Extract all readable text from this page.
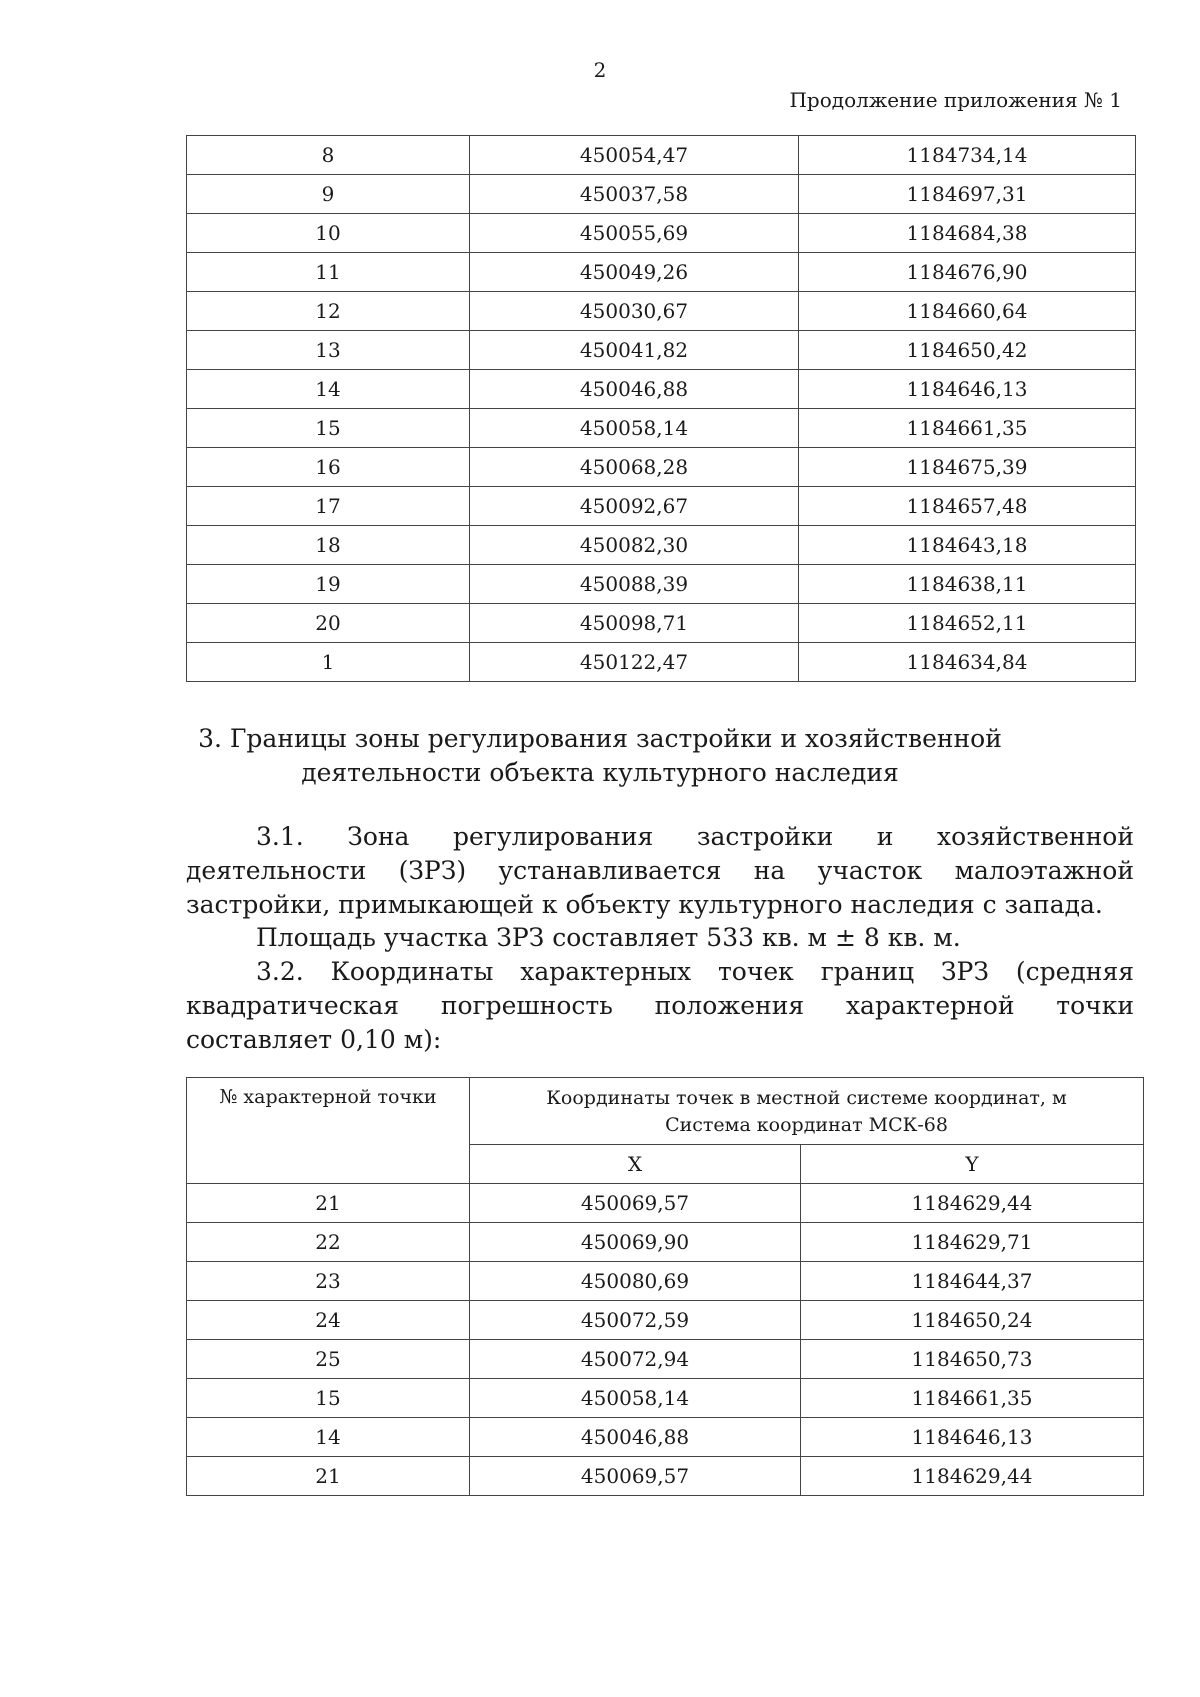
2
Продолжение приложения № 1
8	450054,47	1184734,14
9	450037,58	1184697,31
10	450055,69	1184684,38
11	450049,26	1184676,90
12	450030,67	1184660,64
13	450041,82	1184650,42
14	450046,88	1184646,13
15	450058,14	1184661,35
16	450068,28	1184675,39
17	450092,67	1184657,48
18	450082,30	1184643,18
19	450088,39	1184638,11
20	450098,71	1184652,11
1	450122,47	1184634,84
3. Границы зоны регулирования застройки и хозяйственной
деятельности объекта культурного наследия

3.1. Зона регулирования застройки и хозяйственной деятельности (ЗРЗ) устанавливается на участок малоэтажной застройки, примыкающей к объекту культурного наследия с запада.

Площадь участка ЗРЗ составляет 533 кв. м ± 8 кв. м.

3.2. Координаты характерных точек границ ЗРЗ (средняя квадратическая погрешность положения характерной точки составляет 0,10 м):

№ характерной точки	Координаты точек в местной системе координат, м
Система координат МСК-68	

	X	Y
21	450069,57	1184629,44
22	450069,90	1184629,71
23	450080,69	1184644,37
24	450072,59	1184650,24
25	450072,94	1184650,73
15	450058,14	1184661,35
14	450046,88	1184646,13
21	450069,57	1184629,44
